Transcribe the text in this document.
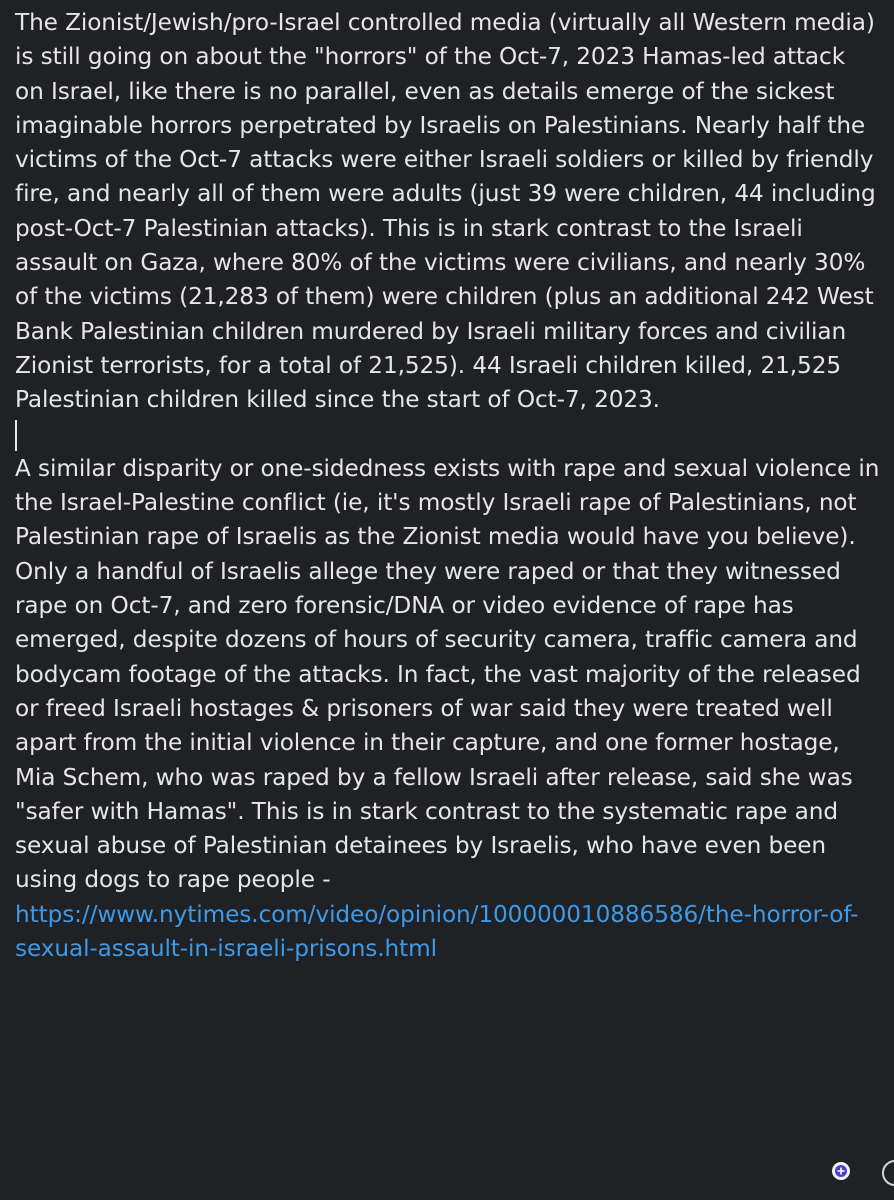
The Zionist/Jewish/pro-Israel controlled media (virtually all Western media) is still going on about the "horrors" of the Oct-7, 2023 Hamas-led attack on Israel, like there is no parallel, even as details emerge of the sickest imaginable horrors perpetrated by Israelis on Palestinians. Nearly half the victims of the Oct-7 attacks were either Israeli soldiers or killed by friendly fire, and nearly all of them were adults (just 39 were children, 44 including post-Oct-7 Palestinian attacks). This is in stark contrast to the Israeli assault on Gaza, where 80% of the victims were civilians, and nearly 30% of the victims (21,283 of them) were children (plus an additional 242 West Bank Palestinian children murdered by Israeli military forces and civilian Zionist terrorists, for a total of 21,525). 44 Israeli children killed, 21,525 Palestinian children killed since the start of Oct-7, 2023.

A similar disparity or one-sidedness exists with rape and sexual violence in the Israel-Palestine conflict (ie, it's mostly Israeli rape of Palestinians, not Palestinian rape of Israelis as the Zionist media would have you believe). Only a handful of Israelis allege they were raped or that they witnessed rape on Oct-7, and zero forensic/DNA or video evidence of rape has emerged, despite dozens of hours of security camera, traffic camera and bodycam footage of the attacks. In fact, the vast majority of the released or freed Israeli hostages & prisoners of war said they were treated well apart from the initial violence in their capture, and one former hostage, Mia Schem, who was raped by a fellow Israeli after release, said she was "safer with Hamas". This is in stark contrast to the systematic rape and sexual abuse of Palestinian detainees by Israelis, who have even been using dogs to rape people - https://www.nytimes.com/video/opinion/100000010886586/the-horror-of-sexual-assault-in-israeli-prisons.html
